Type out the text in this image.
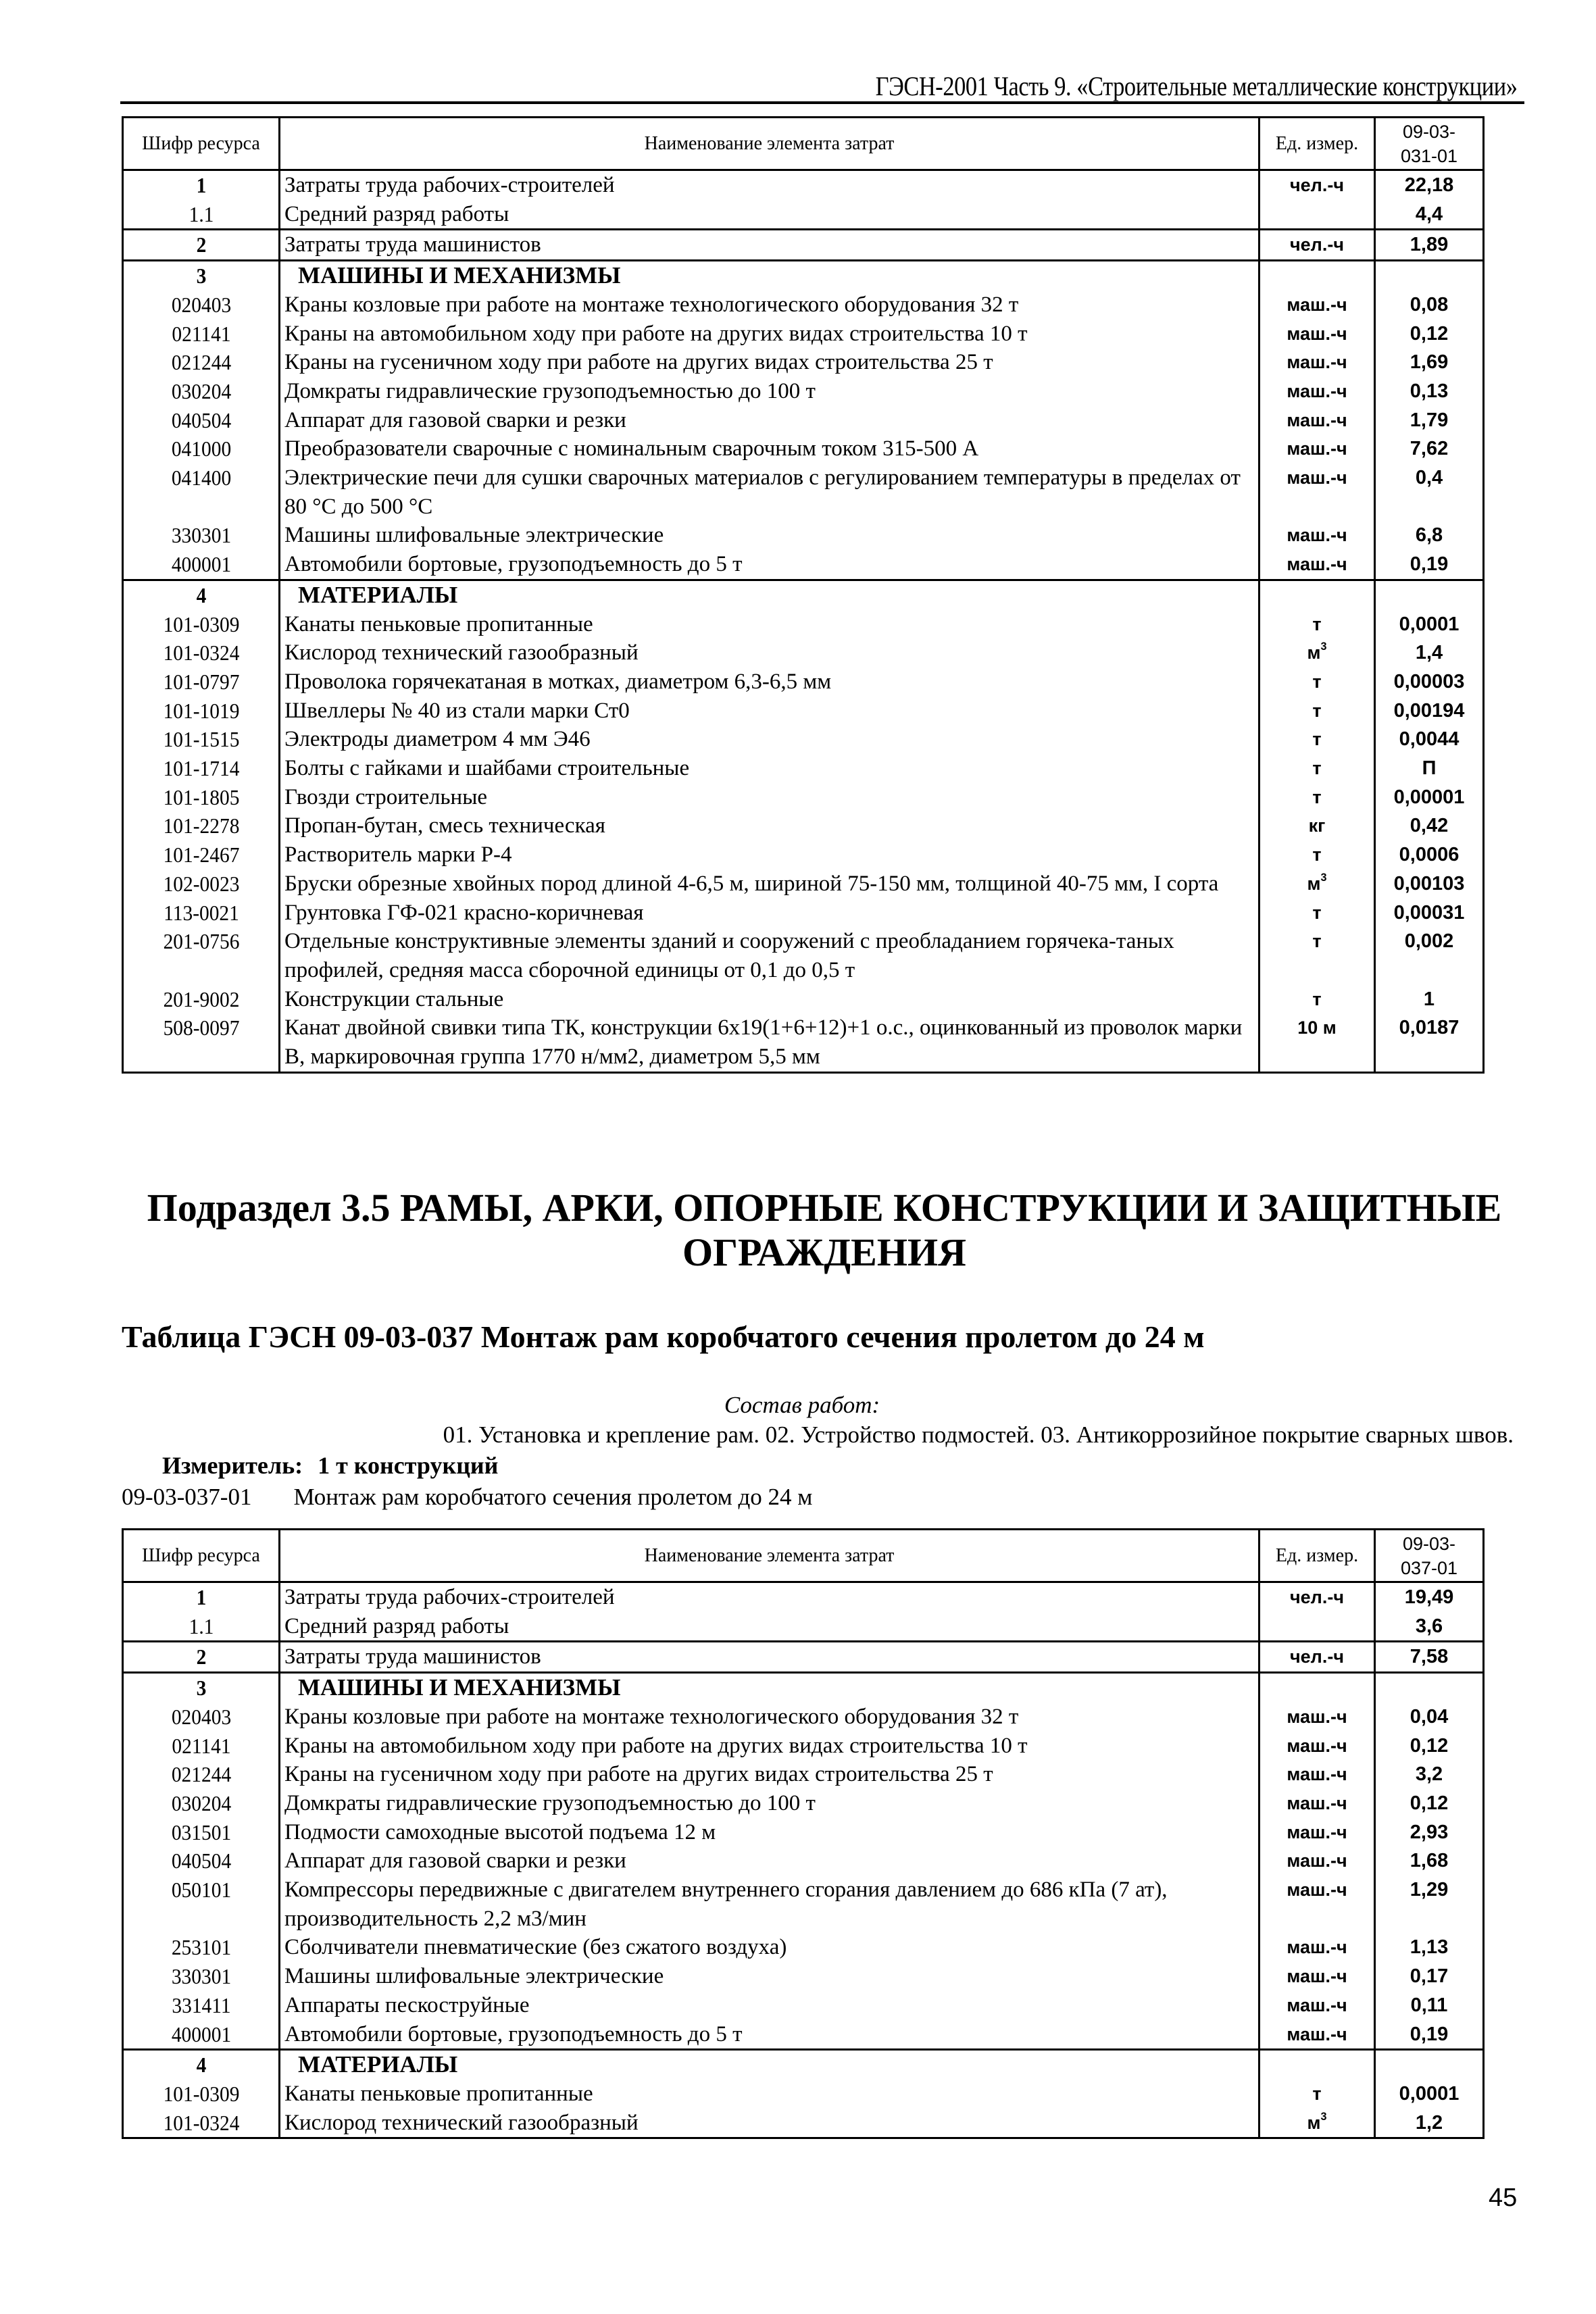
ГЭСН-2001 Часть 9. «Строительные металлические конструкции»
Шифр ресурса	Наименование элемента затрат	Ед. измер.	09-03-
031-01
1	Затраты труда рабочих-строителей	чел.-ч	22,18
1.1	Средний разряд работы		4,4
2	Затраты труда машинистов	чел.-ч	1,89
3	МАШИНЫ И МЕХАНИЗМЫ		
020403	Краны козловые при работе на монтаже технологического оборудования 32 т	маш.-ч	0,08
021141	Краны на автомобильном ходу при работе на других видах строительства 10 т	маш.-ч	0,12
021244	Краны на гусеничном ходу при работе на других видах строительства 25 т	маш.-ч	1,69
030204	Домкраты гидравлические грузоподъемностью до 100 т	маш.-ч	0,13
040504	Аппарат для газовой сварки и резки	маш.-ч	1,79
041000	Преобразователи сварочные с номинальным сварочным током 315-500 А	маш.-ч	7,62
041400	Электрические печи для сушки сварочных материалов с регулированием температуры в пределах от 80 °С до 500 °С	маш.-ч	0,4
330301	Машины шлифовальные электрические	маш.-ч	6,8
400001	Автомобили бортовые, грузоподъемность до 5 т	маш.-ч	0,19
4	МАТЕРИАЛЫ		
101-0309	Канаты пеньковые пропитанные	т	0,0001
101-0324	Кислород технический газообразный	$м^3$	1,4
101-0797	Проволока горячекатаная в мотках, диаметром 6,3-6,5 мм	т	0,00003
101-1019	Швеллеры № 40 из стали марки Ст0	т	0,00194
101-1515	Электроды диаметром 4 мм Э46	т	0,0044
101-1714	Болты с гайками и шайбами строительные	т	П
101-1805	Гвозди строительные	т	0,00001
101-2278	Пропан-бутан, смесь техническая	кг	0,42
101-2467	Растворитель марки Р-4	т	0,0006
102-0023	Бруски обрезные хвойных пород длиной 4-6,5 м, шириной 75-150 мм, толщиной 40-75 мм, I сорта	$м^3$	0,00103
113-0021	Грунтовка ГФ-021 красно-коричневая	т	0,00031
201-0756	Отдельные конструктивные элементы зданий и сооружений с преобладанием горячека-таных профилей, средняя масса сборочной единицы от 0,1 до 0,5 т	т	0,002
201-9002	Конструкции стальные	т	1
508-0097	Канат двойной свивки типа ТК, конструкции 6х19(1+6+12)+1 о.с., оцинкованный из проволок марки В, маркировочная группа 1770 н/мм2, диаметром 5,5 мм	10 м	0,0187
Подраздел 3.5 РАМЫ, АРКИ, ОПОРНЫЕ КОНСТРУКЦИИ И ЗАЩИТНЫЕ ОГРАЖДЕНИЯ
Таблица ГЭСН 09-03-037 Монтаж рам коробчатого сечения пролетом до 24 м
Состав работ:
01. Установка и крепление рам. 02. Устройство подмостей. 03. Антикоррозийное покрытие сварных швов.
Измеритель: 1 т конструкций
09-03-037-01 Монтаж рам коробчатого сечения пролетом до 24 м
Шифр ресурса	Наименование элемента затрат	Ед. измер.	09-03-
037-01
1	Затраты труда рабочих-строителей	чел.-ч	19,49
1.1	Средний разряд работы		3,6
2	Затраты труда машинистов	чел.-ч	7,58
3	МАШИНЫ И МЕХАНИЗМЫ		
020403	Краны козловые при работе на монтаже технологического оборудования 32 т	маш.-ч	0,04
021141	Краны на автомобильном ходу при работе на других видах строительства 10 т	маш.-ч	0,12
021244	Краны на гусеничном ходу при работе на других видах строительства 25 т	маш.-ч	3,2
030204	Домкраты гидравлические грузоподъемностью до 100 т	маш.-ч	0,12
031501	Подмости самоходные высотой подъема 12 м	маш.-ч	2,93
040504	Аппарат для газовой сварки и резки	маш.-ч	1,68
050101	Компрессоры передвижные с двигателем внутреннего сгорания давлением до 686 кПа (7 ат), производительность 2,2 м3/мин	маш.-ч	1,29
253101	Сболчиватели пневматические (без сжатого воздуха)	маш.-ч	1,13
330301	Машины шлифовальные электрические	маш.-ч	0,17
331411	Аппараты пескоструйные	маш.-ч	0,11
400001	Автомобили бортовые, грузоподъемность до 5 т	маш.-ч	0,19
4	МАТЕРИАЛЫ		
101-0309	Канаты пеньковые пропитанные	т	0,0001
101-0324	Кислород технический газообразный	$м^3$	1,2
45
